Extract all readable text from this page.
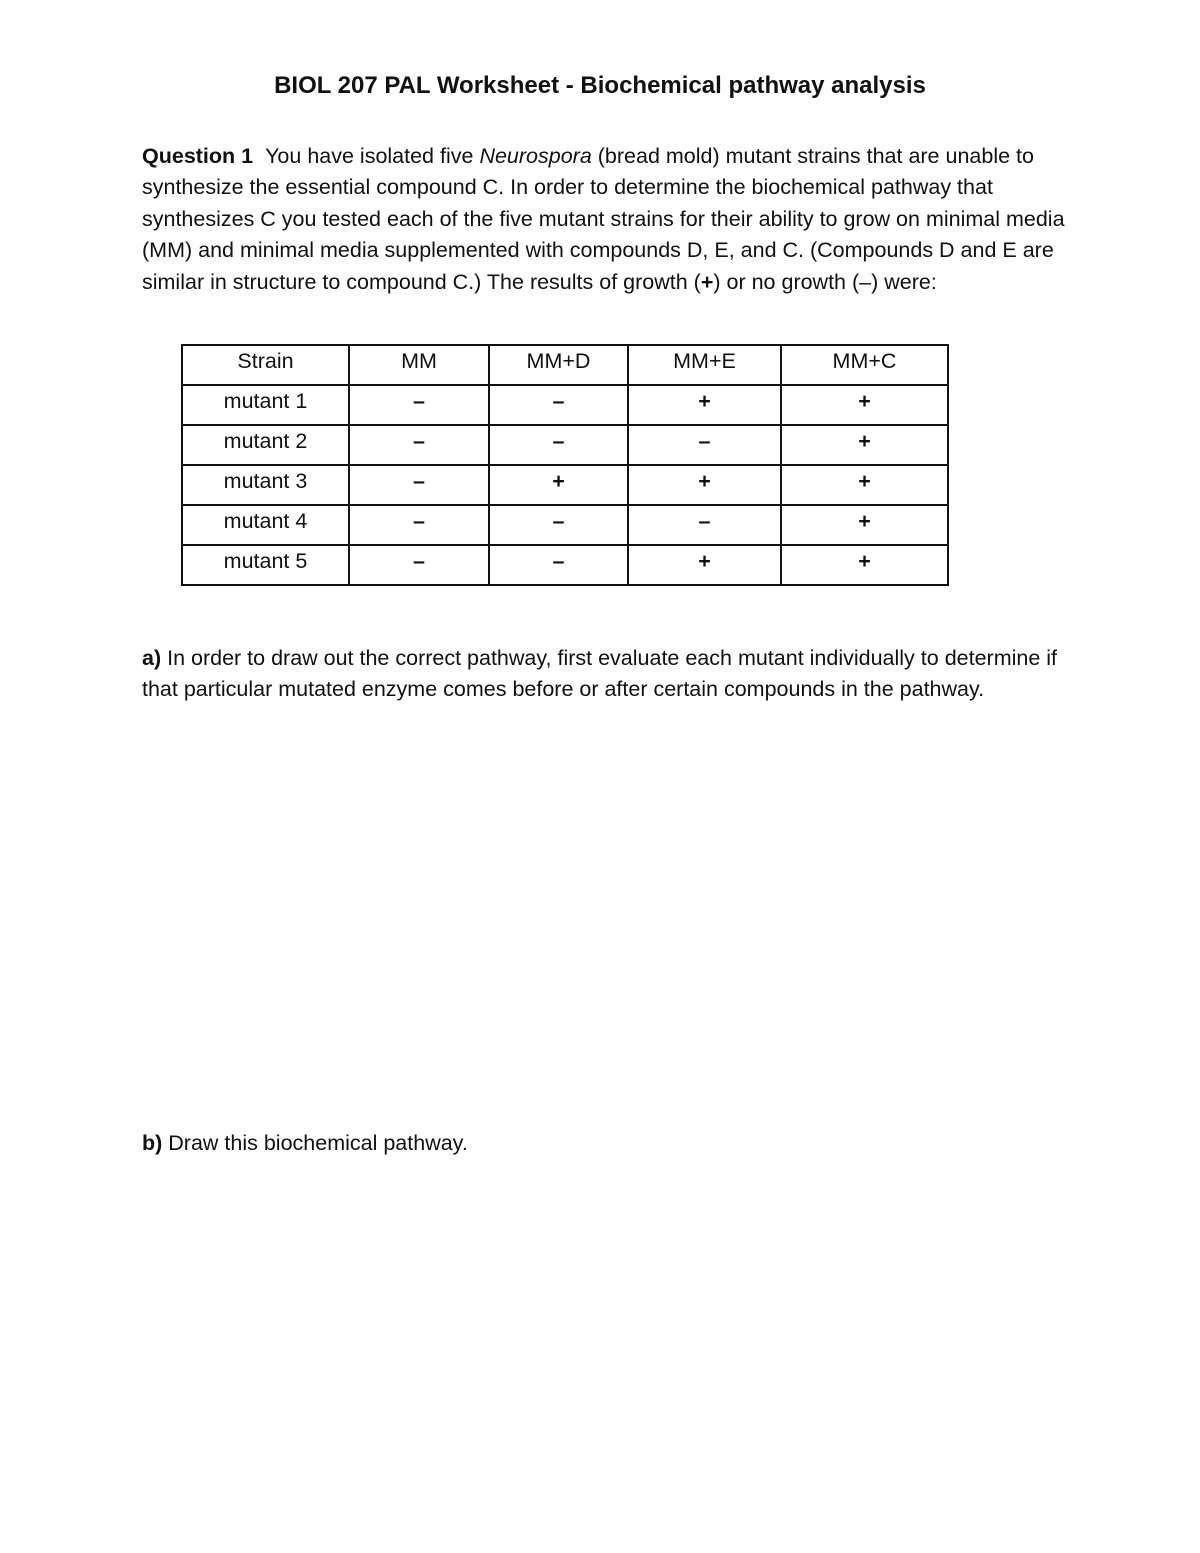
BIOL 207 PAL Worksheet - Biochemical pathway analysis
Question 1 You have isolated five Neurospora (bread mold) mutant strains that are unable to synthesize the essential compound C. In order to determine the biochemical pathway that synthesizes C you tested each of the five mutant strains for their ability to grow on minimal media (MM) and minimal media supplemented with compounds D, E, and C. (Compounds D and E are similar in structure to compound C.) The results of growth (+) or no growth (–) were:
Strain	MM	MM+D	MM+E	MM+C
mutant 1	–	–	+	+
mutant 2	–	–	–	+
mutant 3	–	+	+	+
mutant 4	–	–	–	+
mutant 5	–	–	+	+
a) In order to draw out the correct pathway, first evaluate each mutant individually to determine if that particular mutated enzyme comes before or after certain compounds in the pathway.
b) Draw this biochemical pathway.
